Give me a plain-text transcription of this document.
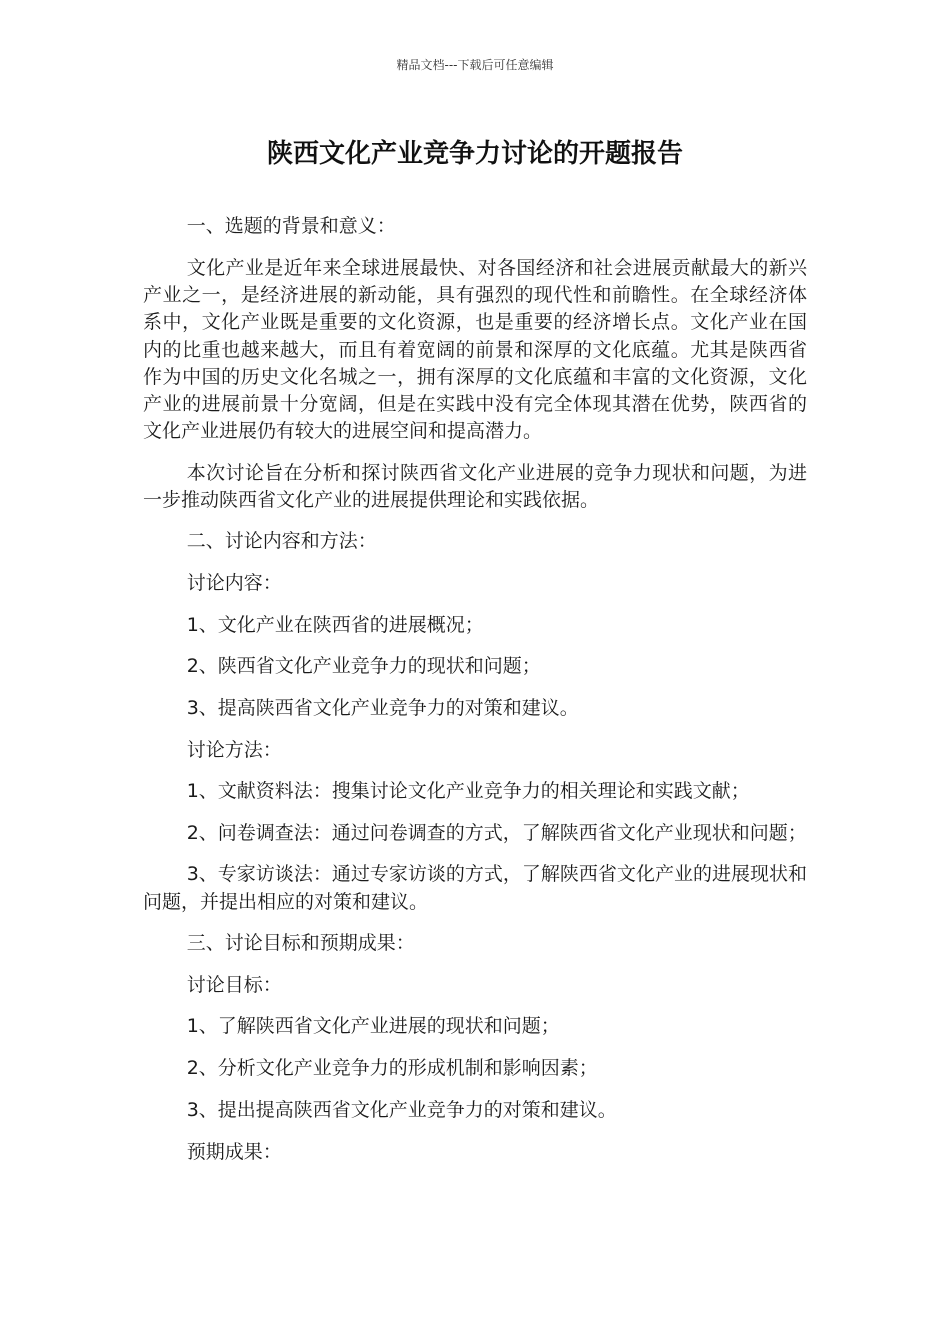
精品文档---下载后可任意编辑
陕西文化产业竞争力讨论的开题报告

一、选题的背景和意义：

文化产业是近年来全球进展最快、对各国经济和社会进展贡献最大的新兴产业之一，是经济进展的新动能，具有强烈的现代性和前瞻性。在全球经济体系中，文化产业既是重要的文化资源，也是重要的经济增长点。文化产业在国内的比重也越来越大，而且有着宽阔的前景和深厚的文化底蕴。尤其是陕西省作为中国的历史文化名城之一，拥有深厚的文化底蕴和丰富的文化资源，文化产业的进展前景十分宽阔，但是在实践中没有完全体现其潜在优势，陕西省的文化产业进展仍有较大的进展空间和提高潜力。

本次讨论旨在分析和探讨陕西省文化产业进展的竞争力现状和问题，为进一步推动陕西省文化产业的进展提供理论和实践依据。

二、讨论内容和方法：

讨论内容：

1、文化产业在陕西省的进展概况；

2、陕西省文化产业竞争力的现状和问题；

3、提高陕西省文化产业竞争力的对策和建议。

讨论方法：

1、文献资料法：搜集讨论文化产业竞争力的相关理论和实践文献；

2、问卷调查法：通过问卷调查的方式，了解陕西省文化产业现状和问题；

3、专家访谈法：通过专家访谈的方式，了解陕西省文化产业的进展现状和问题，并提出相应的对策和建议。

三、讨论目标和预期成果：

讨论目标：

1、了解陕西省文化产业进展的现状和问题；

2、分析文化产业竞争力的形成机制和影响因素；

3、提出提高陕西省文化产业竞争力的对策和建议。

预期成果：
